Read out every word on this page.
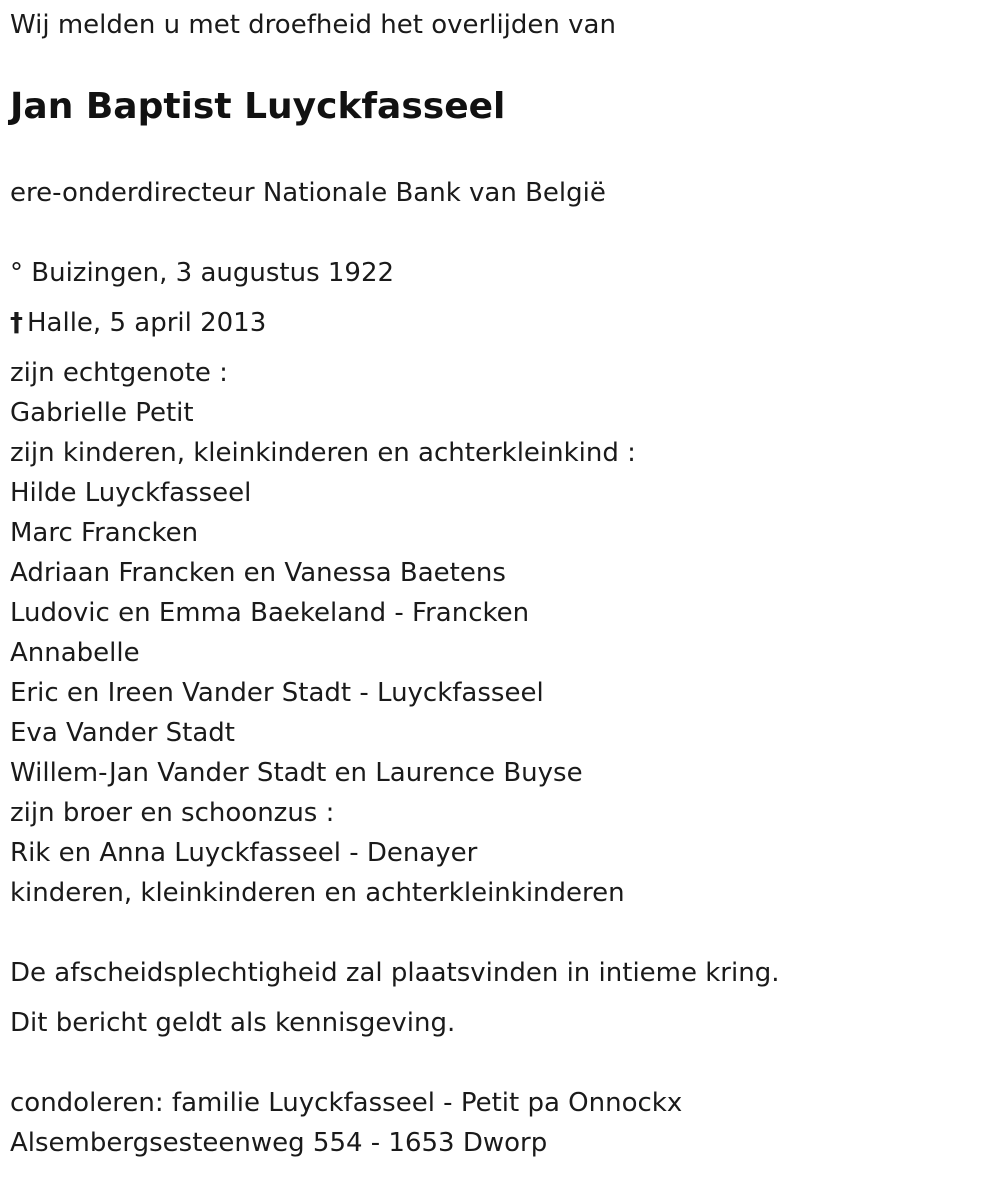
Wij melden u met droefheid het overlijden van
Jan Baptist Luyckfasseel
ere-onderdirecteur Nationale Bank van België
° Buizingen, 3 augustus 1922
† Halle, 5 april 2013
zijn echtgenote :
Gabrielle Petit
zijn kinderen, kleinkinderen en achterkleinkind :
Hilde Luyckfasseel
Marc Francken
Adriaan Francken en Vanessa Baetens
Ludovic en Emma Baekeland - Francken
Annabelle
Eric en Ireen Vander Stadt - Luyckfasseel
Eva Vander Stadt
Willem-Jan Vander Stadt en Laurence Buyse
zijn broer en schoonzus :
Rik en Anna Luyckfasseel - Denayer
kinderen, kleinkinderen en achterkleinkinderen
De afscheidsplechtigheid zal plaatsvinden in intieme kring.
Dit bericht geldt als kennisgeving.
condoleren: familie Luyckfasseel - Petit pa Onnockx
Alsembergsesteenweg 554 - 1653 Dworp
